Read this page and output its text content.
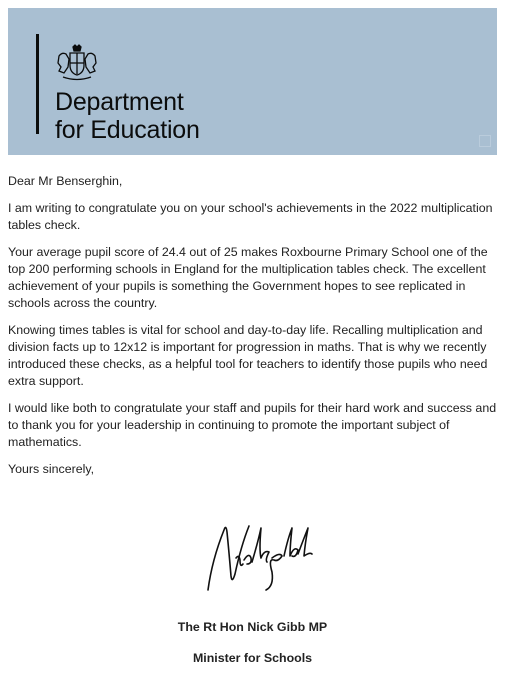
Department
for Education

Dear Mr Benserghin,

I am writing to congratulate you on your school's achievements in the 2022 multiplication tables check.

Your average pupil score of 24.4 out of 25 makes Roxbourne Primary School one of the top 200 performing schools in England for the multiplication tables check. The excellent achievement of your pupils is something the Government hopes to see replicated in schools across the country.

Knowing times tables is vital for school and day-to-day life. Recalling multiplication and division facts up to 12x12 is important for progression in maths. That is why we recently introduced these checks, as a helpful tool for teachers to identify those pupils who need extra support.

I would like both to congratulate your staff and pupils for their hard work and success and to thank you for your leadership in continuing to promote the important subject of mathematics.

Yours sincerely,

The Rt Hon Nick Gibb MP
Minister for Schools
